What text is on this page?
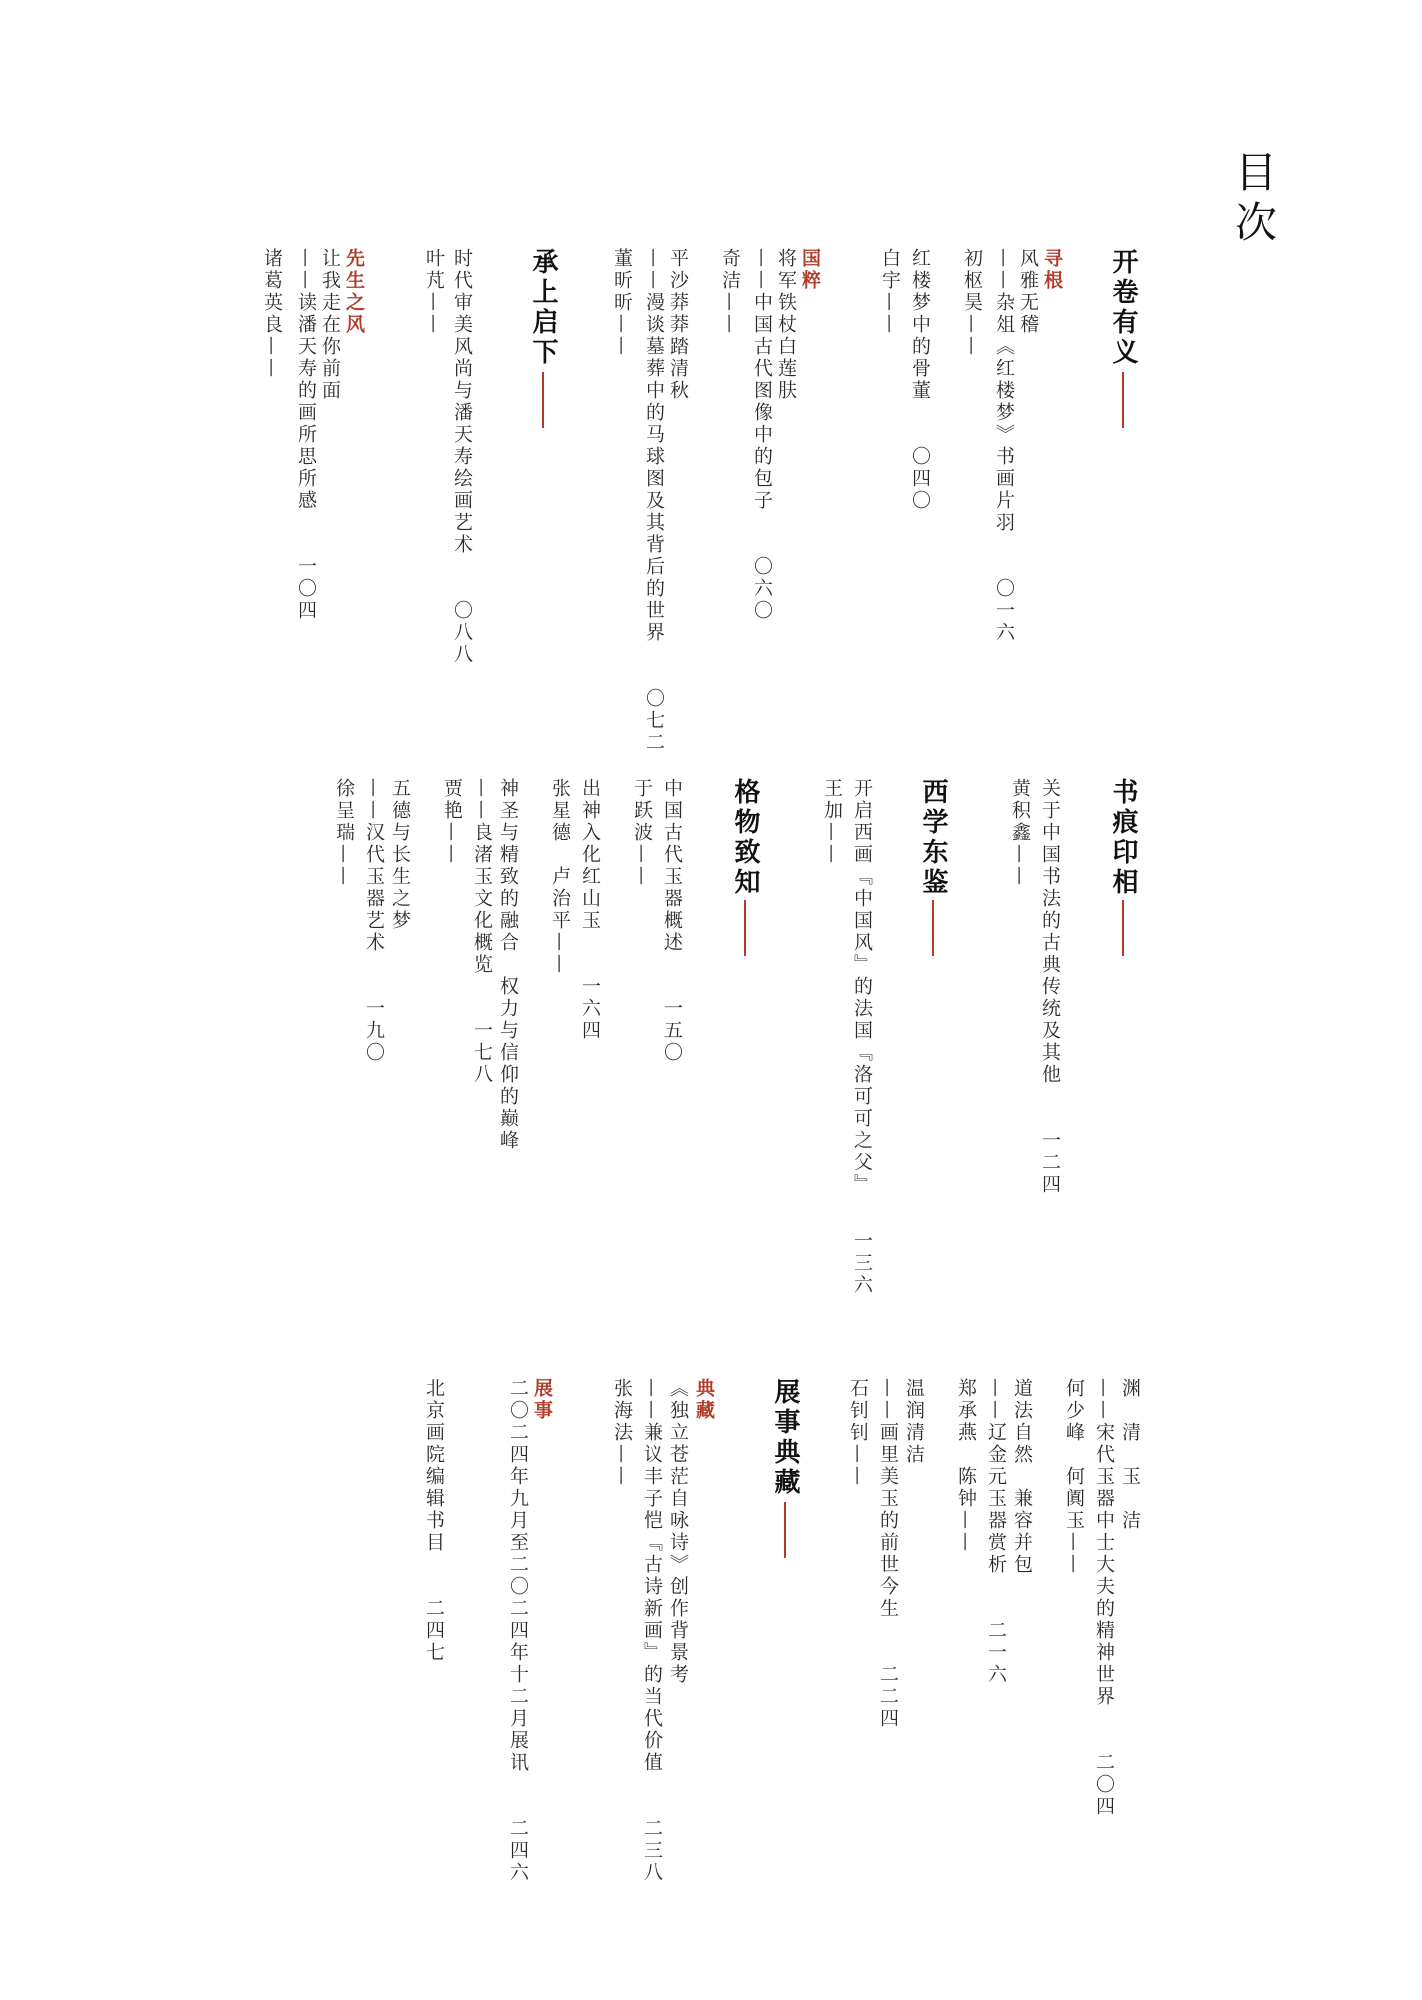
目次
开卷有义
寻根
风雅无稽
——杂俎《红楼梦》书画片羽　　〇一六
初枢昊——
红楼梦中的骨董　　〇四〇
白宇——
国粹
将军铁杖白莲肤
——中国古代图像中的包子　　〇六〇
奇洁——
平沙莽莽踏清秋
——漫谈墓葬中的马球图及其背后的世界　　〇七二
董昕昕——
承上启下
时代审美风尚与潘天寿绘画艺术　　〇八八
叶芃——
先生之风
让我走在你前面
——读潘天寿的画所思所感　　一〇四
诸葛英良——
书痕印相
关于中国书法的古典传统及其他　　一二四
黄积鑫——
西学东鉴
开启西画『中国风』的法国『洛可可之父』　　一三六
王加——
格物致知
中国古代玉器概述　　一五〇
于跃波——
出神入化红山玉　　一六四
张星德　卢治平——
神圣与精致的融合　权力与信仰的巅峰
——良渚玉文化概览　　一七八
贾艳——
五德与长生之梦
——汉代玉器艺术　　一九〇
徐呈瑞——
渊　清　玉　洁
——宋代玉器中士大夫的精神世界　　二〇四
何少峰　何阗玉——
道法自然　兼容并包
——辽金元玉器赏析　　二一六
郑承燕　陈钟——
温润清洁
——画里美玉的前世今生　　二二四
石钊钊——
展事典藏
典藏
《独立苍茫自咏诗》创作背景考
——兼议丰子恺『古诗新画』的当代价值　　二三八
张海法——
展事
二〇二四年九月至二〇二四年十二月展讯　　二四六
北京画院编辑书目　　二四七
